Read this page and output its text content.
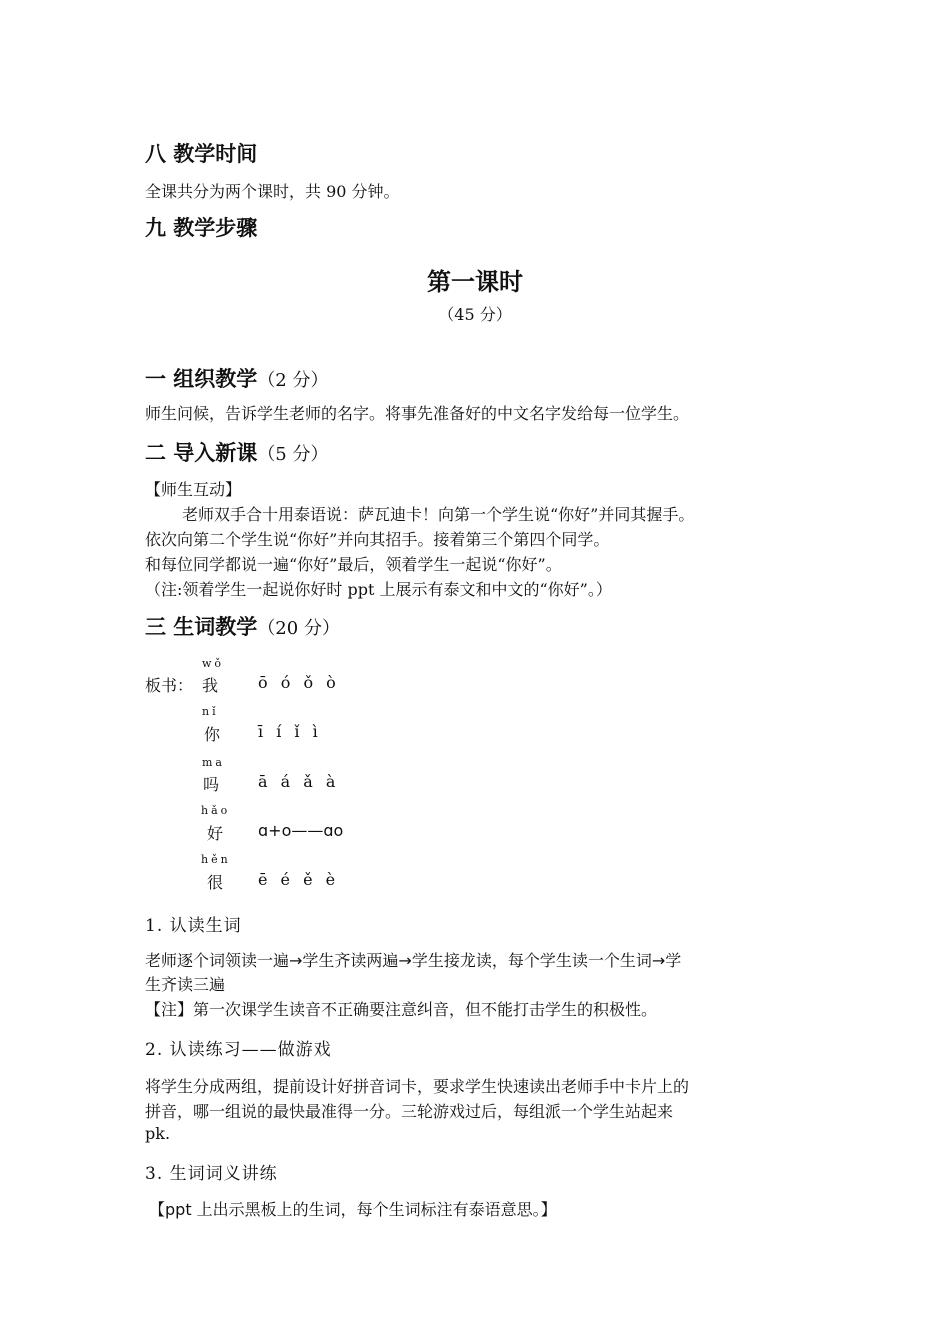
八 教学时间
全课共分为两个课时，共 90 分钟。
九 教学步骤
第一课时
（45 分）
一 组织教学（2 分）
师生问候，告诉学生老师的名字。将事先准备好的中文名字发给每一位学生。
二 导入新课（5 分）
【师生互动】
老师双手合十用泰语说：萨瓦迪卡！向第一个学生说“你好”并同其握手。
依次向第二个学生说“你好”并向其招手。接着第三个第四个同学。
和每位同学都说一遍“你好”最后，领着学生一起说“你好”。
（注:领着学生一起说你好时 ppt 上展示有泰文和中文的“你好”。）
三 生词教学（20 分）
板书：
wǒ
我 ō ó ǒ ò
nǐ
你 ī í ǐ ì
ma
吗 ā á ǎ à
hǎo
好 ɑ+o——ɑo
hěn
很 ē é ě è
1. 认读生词
老师逐个词领读一遍→学生齐读两遍→学生接龙读，每个学生读一个生词→学
生齐读三遍
【注】第一次课学生读音不正确要注意纠音，但不能打击学生的积极性。
2. 认读练习——做游戏
将学生分成两组，提前设计好拼音词卡，要求学生快速读出老师手中卡片上的
拼音，哪一组说的最快最准得一分。三轮游戏过后，每组派一个学生站起来
pk.
3. 生词词义讲练
【ppt 上出示黑板上的生词，每个生词标注有泰语意思。】
